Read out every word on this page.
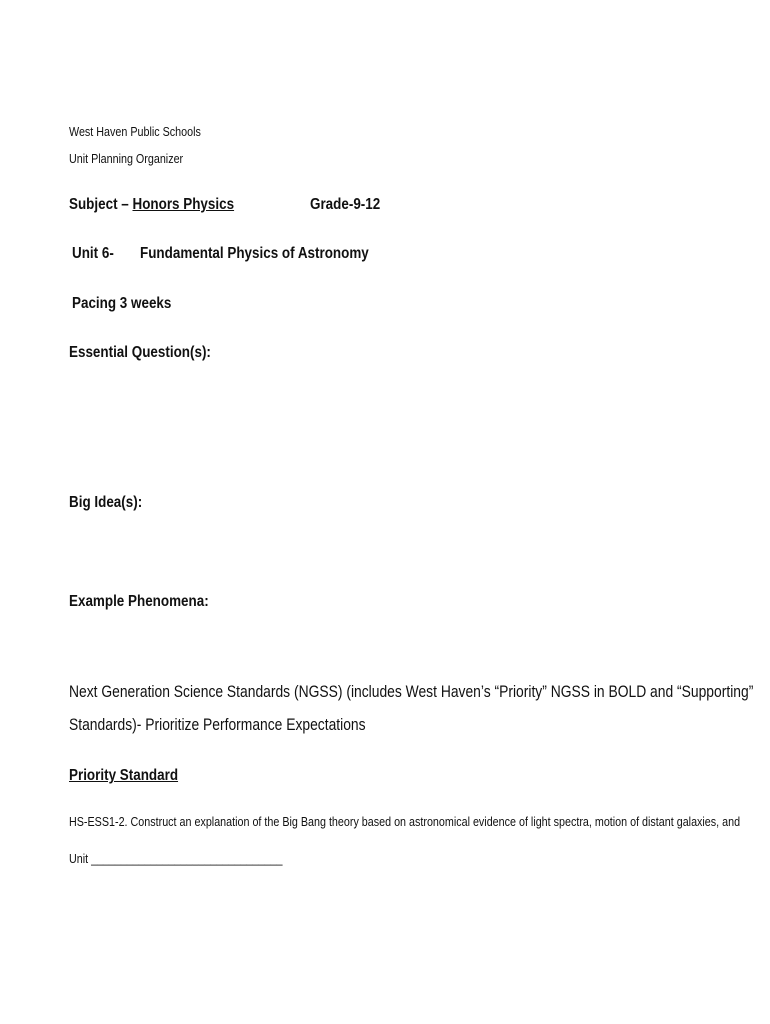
West Haven Public Schools
Unit Planning Organizer
Subject – Honors Physics	Grade-9-12
Unit 6- Fundamental Physics of Astronomy
Pacing 3 weeks
Essential Question(s):
Big Idea(s):
Example Phenomena:
Next Generation Science Standards (NGSS) (includes West Haven’s “Priority” NGSS in BOLD and “Supporting”
Standards)- Prioritize Performance Expectations
Priority Standard
HS-ESS1-2. Construct an explanation of the Big Bang theory based on astronomical evidence of light spectra, motion of distant galaxies, and
Unit ________________________________
